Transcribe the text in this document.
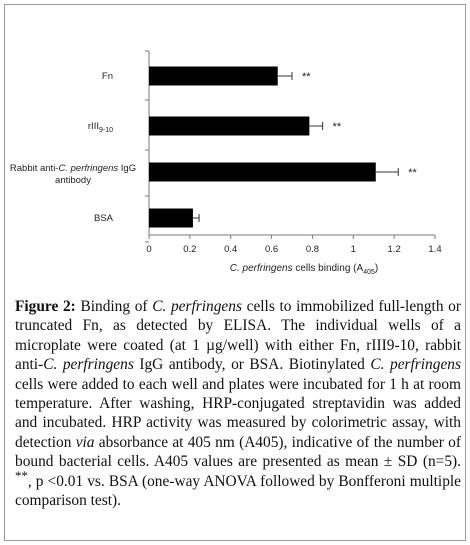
0	0.2	0.4	0.6	0.8	1	1.2	1.4
**
Fn
**
rIII$_{9-10}$
**
Rabbit anti-C. perfringens IgG
antibody
BSA
C. perfringens cells binding $(A_{405})$

Figure 2: Binding of C. perfringens cells to immobilized full-length or truncated Fn, as detected by ELISA. The individual wells of a microplate were coated (at 1 µg/well) with either Fn, rIII9-10, rabbit anti-C. perfringens IgG antibody, or BSA. Biotinylated C. perfringens cells were added to each well and plates were incubated for 1 h at room temperature. After washing, HRP-conjugated streptavidin was added and incubated. HRP activity was measured by colorimetric assay, with detection via absorbance at 405 nm (A405), indicative of the number of bound bacterial cells. A405 values are presented as mean ± SD (n=5). **, p <0.01 vs. BSA (one-way ANOVA followed by Bonfferoni multiple comparison test).
